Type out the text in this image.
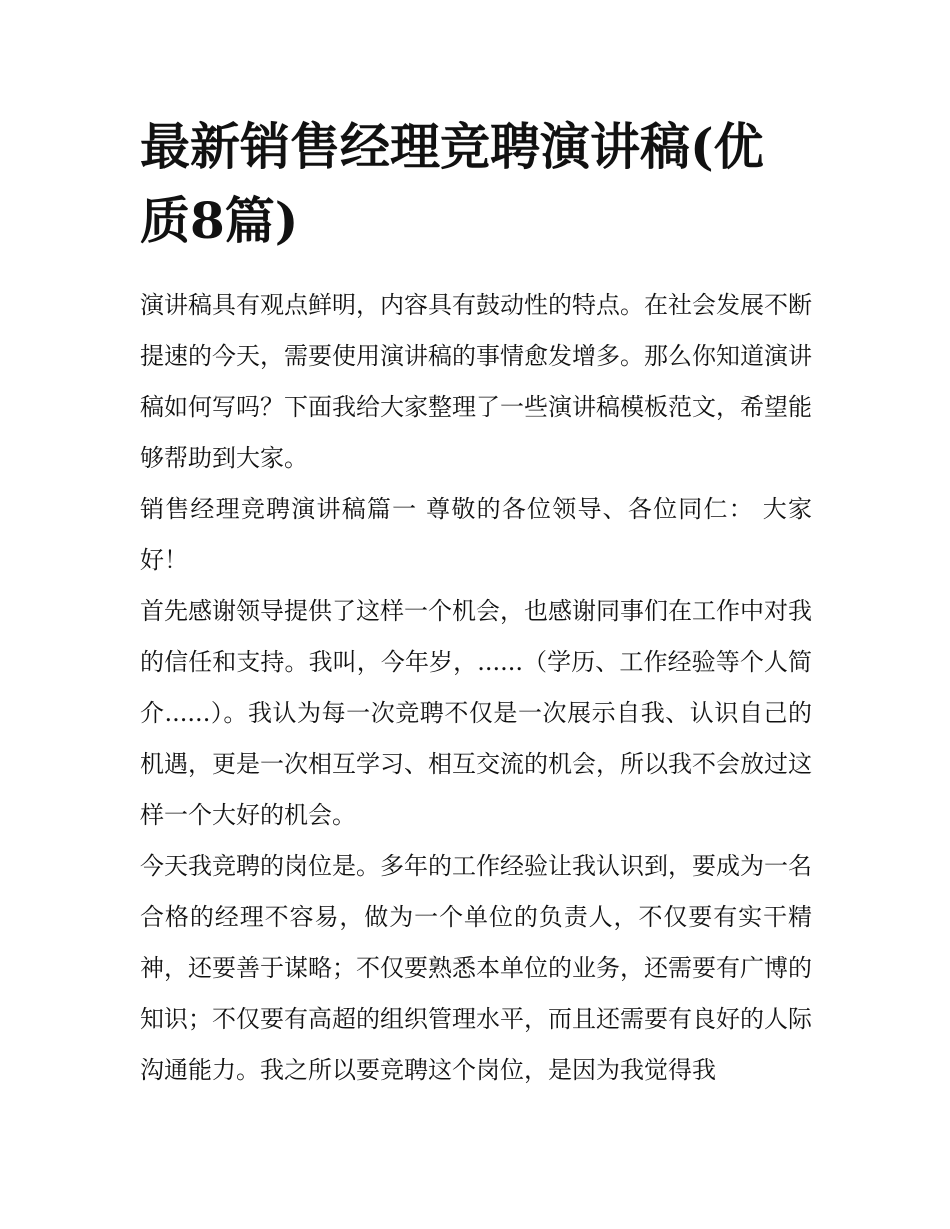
最新销售经理竞聘演讲稿(优质8篇)

演讲稿具有观点鲜明，内容具有鼓动性的特点。在社会发展不断提速的今天，需要使用演讲稿的事情愈发增多。那么你知道演讲稿如何写吗？下面我给大家整理了一些演讲稿模板范文，希望能够帮助到大家。

销售经理竞聘演讲稿篇一 尊敬的各位领导、各位同仁： 大家好！

首先感谢领导提供了这样一个机会，也感谢同事们在工作中对我的信任和支持。我叫，今年岁，......（学历、工作经验等个人简介......）。我认为每一次竞聘不仅是一次展示自我、认识自己的机遇，更是一次相互学习、相互交流的机会，所以我不会放过这样一个大好的机会。

今天我竞聘的岗位是。多年的工作经验让我认识到，要成为一名合格的经理不容易，做为一个单位的负责人，不仅要有实干精神，还要善于谋略；不仅要熟悉本单位的业务，还需要有广博的知识；不仅要有高超的组织管理水平，而且还需要有良好的人际沟通能力。我之所以要竞聘这个岗位，是因为我觉得我
